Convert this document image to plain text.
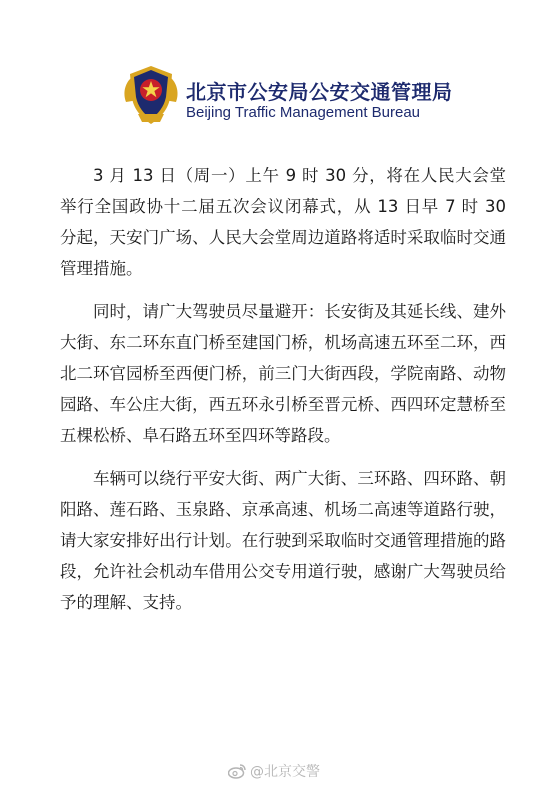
北京市公安局公安交通管理局
Beijing Traffic Management Bureau

3 月 13 日（周一）上午 9 时 30 分，将在人民大会堂举行全国政协十二届五次会议闭幕式，从 13 日早 7 时 30 分起，天安门广场、人民大会堂周边道路将适时采取临时交通管理措施。

同时，请广大驾驶员尽量避开：长安街及其延长线、建外大街、东二环东直门桥至建国门桥，机场高速五环至二环，西北二环官园桥至西便门桥，前三门大街西段，学院南路、动物园路、车公庄大街，西五环永引桥至晋元桥、西四环定慧桥至五棵松桥、阜石路五环至四环等路段。

车辆可以绕行平安大街、两广大街、三环路、四环路、朝阳路、莲石路、玉泉路、京承高速、机场二高速等道路行驶，请大家安排好出行计划。在行驶到采取临时交通管理措施的路段，允许社会机动车借用公交专用道行驶，感谢广大驾驶员给予的理解、支持。

@北京交警
